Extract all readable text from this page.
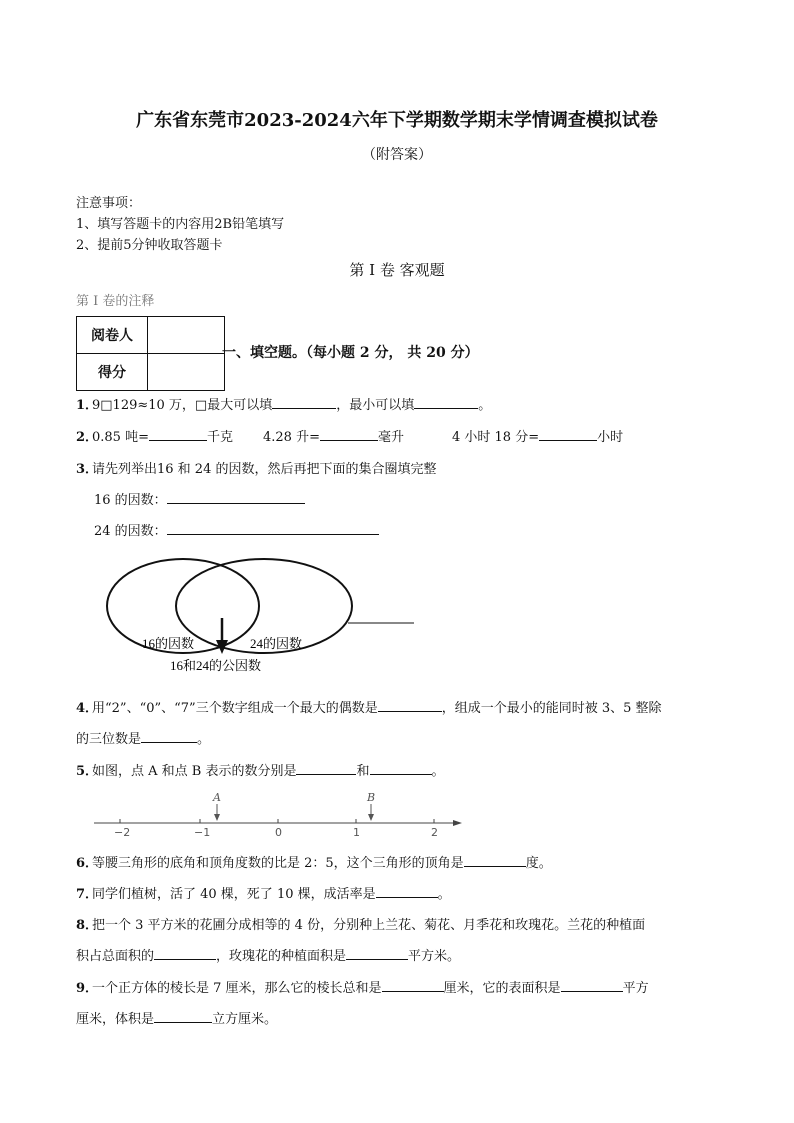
广东省东莞市2023-2024六年下学期数学期末学情调查模拟试卷
（附答案）
注意事项：
1、填写答题卡的内容用2B铅笔填写
2、提前5分钟收取答题卡
第 I 卷 客观题
第 I 卷的注释
阅卷人	
得分	
一、填空题。（每小题 2 分， 共 20 分）
1．9□129≈10 万，□最大可以填	，最小可以填	。
2．0.85 吨=	千克 4.28 升=	毫升	4 小时 18 分=	小时
3．请先列举出16 和 24 的因数，然后再把下面的集合圈填完整
16 的因数：
24 的因数：
16的因数	24的因数
16和24的公因数
4．用“2”、“0”、“7”三个数字组成一个最大的偶数是	，组成一个最小的能同时被 3、5 整除
的三位数是	。
5．如图，点 A 和点 B 表示的数分别是	和	。
−2	−1	0	1	2
A	B
6．等腰三角形的底角和顶角度数的比是 2：5，这个三角形的顶角是	度。
7．同学们植树，活了 40 棵，死了 10 棵，成活率是	。
8．把一个 3 平方米的花圃分成相等的 4 份，分别种上兰花、菊花、月季花和玫瑰花。兰花的种植面
积占总面积的	，玫瑰花的种植面积是	平方米。
9．一个正方体的棱长是 7 厘米，那么它的棱长总和是	厘米，它的表面积是	平方
厘米，体积是	立方厘米。
